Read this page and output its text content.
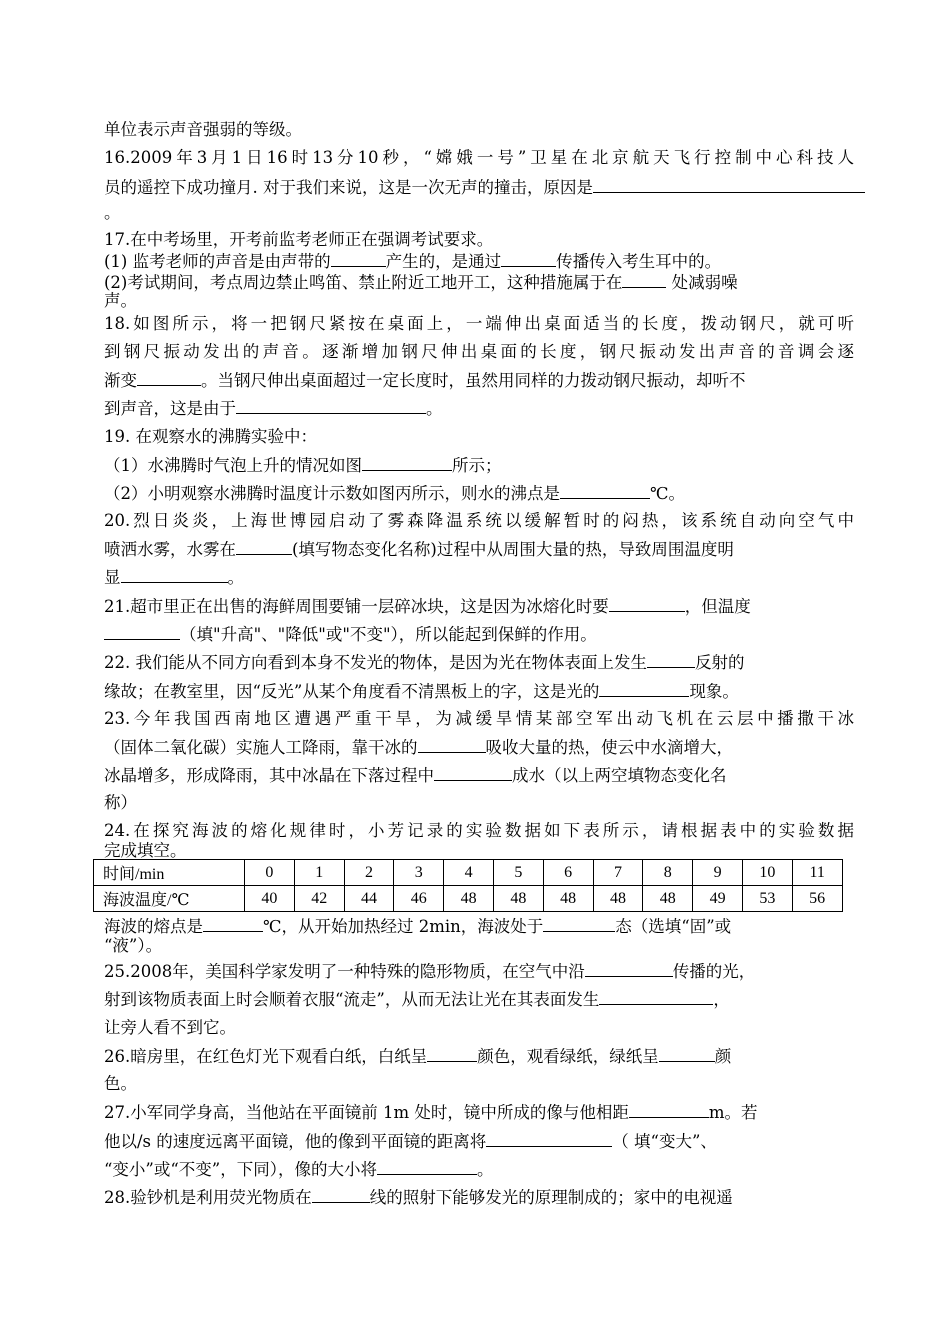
单位表示声音强弱的等级。
16.2009年3月1日16时13分10秒，“嫦娥一号”卫星在北京航天飞行控制中心科技人
员的遥控下成功撞月. 对于我们来说，这是一次无声的撞击，原因是
。
17.在中考场里，开考前监考老师正在强调考试要求。
(1) 监考老师的声音是由声带的	产生的，是通过	传播传入考生耳中的。
(2)考试期间，考点周边禁止鸣笛、禁止附近工地开工，这种措施属于在	处减弱噪
声。
18.如图所示，将一把钢尺紧按在桌面上，一端伸出桌面适当的长度，拨动钢尺，就可听
到钢尺振动发出的声音。逐渐增加钢尺伸出桌面的长度，钢尺振动发出声音的音调会逐
渐变	。当钢尺伸出桌面超过一定长度时，虽然用同样的力拨动钢尺振动，却听不
到声音，这是由于	。
19. 在观察水的沸腾实验中：
（1）水沸腾时气泡上升的情况如图	所示；
（2）小明观察水沸腾时温度计示数如图丙所示，则水的沸点是	℃。
20.烈日炎炎，上海世博园启动了雾森降温系统以缓解暂时的闷热，该系统自动向空气中
喷洒水雾，水雾在	(填写物态变化名称)过程中从周围大量的热，导致周围温度明
显	。
21.超市里正在出售的海鲜周围要铺一层碎冰块，这是因为冰熔化时要	，但温度
（填"升高"、"降低"或"不变"），所以能起到保鲜的作用。
22. 我们能从不同方向看到本身不发光的物体，是因为光在物体表面上发生	反射的
缘故；在教室里，因“反光”从某个角度看不清黑板上的字，这是光的	现象。
23.今年我国西南地区遭遇严重干旱，为减缓旱情某部空军出动飞机在云层中播撒干冰
（固体二氧化碳）实施人工降雨，靠干冰的	吸收大量的热，使云中水滴增大，
冰晶增多，形成降雨，其中冰晶在下落过程中	成水（以上两空填物态变化名
称）
24.在探究海波的熔化规律时，小芳记录的实验数据如下表所示，请根据表中的实验数据
完成填空。
时间/min	0	1	2	3	4	5	6	7	8	9	10	11
海波温度/℃	40	42	44	46	48	48	48	48	48	49	53	56
海波的熔点是	℃，从开始加热经过 2min，海波处于	态（选填“固”或
“液”）。
25.2008年，美国科学家发明了一种特殊的隐形物质，在空气中沿	传播的光，
射到该物质表面上时会顺着衣服“流走”，从而无法让光在其表面发生	，
让旁人看不到它。
26.暗房里，在红色灯光下观看白纸，白纸呈	颜色，观看绿纸，绿纸呈	颜
色。
27.小军同学身高，当他站在平面镜前 1m 处时，镜中所成的像与他相距	m。若
他以/s 的速度远离平面镜，他的像到平面镜的距离将	（ 填“变大”、
“变小”或“不变”，下同），像的大小将	。
28.验钞机是利用荧光物质在	线的照射下能够发光的原理制成的；家中的电视遥
